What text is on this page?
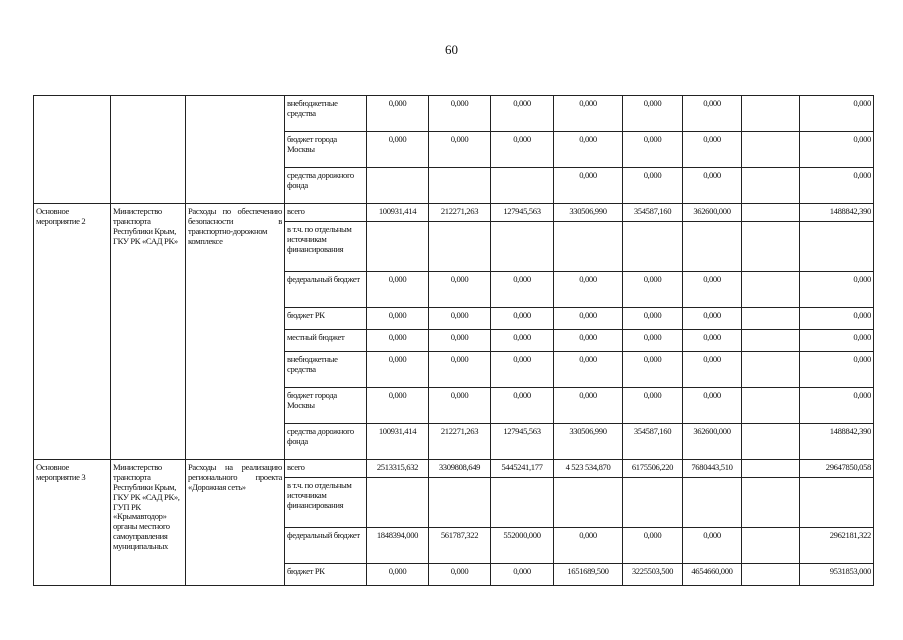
60
			внебюджетные средства	0,000	0,000	0,000	0,000	0,000	0,000		0,000
			бюджет города Москвы	0,000	0,000	0,000	0,000	0,000	0,000		0,000
			средства дорожного фонда				0,000	0,000	0,000		0,000
Основное мероприятие 2	Министерство транспорта Республики Крым, ГКУ РК «САД РК»	Расходы по обеспечению безопасности в транспортно-дорожном комплексе	всего	100931,414	212271,263	127945,563	330506,990	354587,160	362600,000		1488842,390
			в т.ч. по отдельным источникам финансирования								
			федеральный бюджет	0,000	0,000	0,000	0,000	0,000	0,000		0,000
			бюджет РК	0,000	0,000	0,000	0,000	0,000	0,000		0,000
			местный бюджет	0,000	0,000	0,000	0,000	0,000	0,000		0,000
			внебюджетные средства	0,000	0,000	0,000	0,000	0,000	0,000		0,000
			бюджет города Москвы	0,000	0,000	0,000	0,000	0,000	0,000		0,000
			средства дорожного фонда	100931,414	212271,263	127945,563	330506,990	354587,160	362600,000		1488842,390
Основное мероприятие 3	Министерство транспорта Республики Крым, ГКУ РК «САД РК», ГУП РК «Крымавтодор» органы местного самоуправления муниципальных	Расходы на реализацию регионального проекта «Дорожная сеть»	всего	2513315,632	3309808,649	5445241,177	4 523 534,870	6175506,220	7680443,510		29647850,058
			в т.ч. по отдельным источникам финансирования								
			федеральный бюджет	1848394,000	561787,322	552000,000	0,000	0,000	0,000		2962181,322
			бюджет РК	0,000	0,000	0,000	1651689,500	3225503,500	4654660,000		9531853,000
